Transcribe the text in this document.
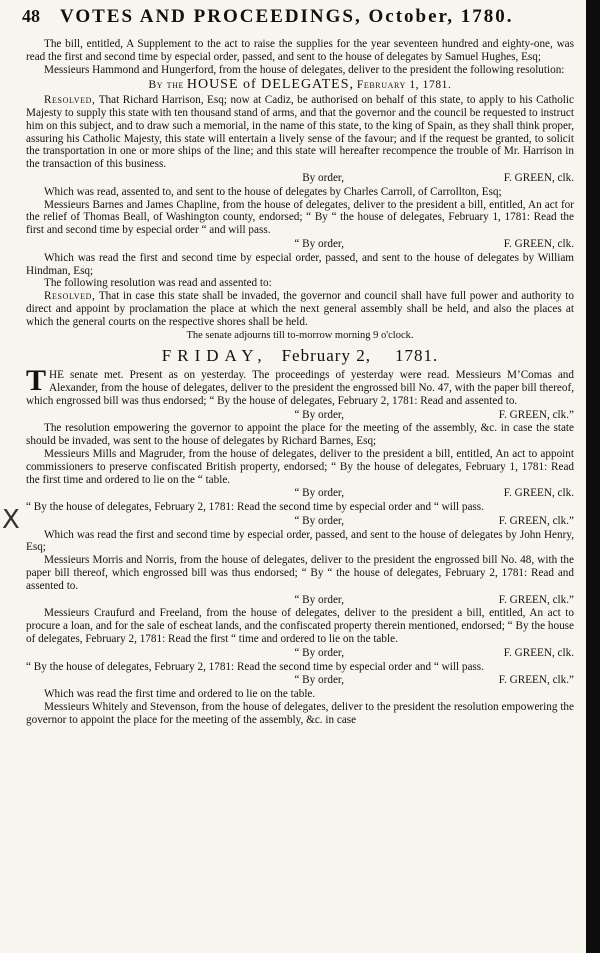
48 VOTES AND PROCEEDINGS, October, 1780.
X

The bill, entitled, A Supplement to the act to raise the supplies for the year seventeen hundred and eighty-one, was read the first and second time by especial order, passed, and sent to the house of delegates by Samuel Hughes, Esq;

Messieurs Hammond and Hungerford, from the house of delegates, deliver to the president the following resolution:

By the HOUSE of DELEGATES, February 1, 1781.

Resolved, That Richard Harrison, Esq; now at Cadiz, be authorised on behalf of this state, to apply to his Catholic Majesty to supply this state with ten thousand stand of arms, and that the governor and the council be requested to instruct him on this subject, and to draw such a memorial, in the name of this state, to the king of Spain, as they shall think proper, assuring his Catholic Majesty, this state will entertain a lively sense of the favour; and if the request be granted, to solicit the transportation in one or more ships of the line; and this state will hereafter recompence the trouble of Mr. Harrison in the transaction of this business.

By order,	F. GREEN, clk.

Which was read, assented to, and sent to the house of delegates by Charles Carroll, of Carrollton, Esq;

Messieurs Barnes and James Chapline, from the house of delegates, deliver to the president a bill, entitled, An act for the relief of Thomas Beall, of Washington county, endorsed; “ By “ the house of delegates, February 1, 1781: Read the first and second time by especial order “ and will pass.

“ By order,	F. GREEN, clk.

Which was read the first and second time by especial order, passed, and sent to the house of delegates by William Hindman, Esq;

The following resolution was read and assented to:

Resolved, That in case this state shall be invaded, the governor and council shall have full power and authority to direct and appoint by proclamation the place at which the next general assembly shall be held, and also the places at which the general courts on the respective shores shall be held.

The senate adjourns till to-morrow morning 9 o'clock.

FRIDAY, February 2, 1781.

THE senate met. Present as on yesterday. The proceedings of yesterday were read. Messieurs M’Comas and Alexander, from the house of delegates, deliver to the president the engrossed bill No. 47, with the paper bill thereof, which engrossed bill was thus endorsed; “ By the house of delegates, February 2, 1781: Read and assented to.

“ By order,	F. GREEN, clk.”

The resolution empowering the governor to appoint the place for the meeting of the assembly, &c. in case the state should be invaded, was sent to the house of delegates by Richard Barnes, Esq;

Messieurs Mills and Magruder, from the house of delegates, deliver to the president a bill, entitled, An act to appoint commissioners to preserve confiscated British property, endorsed; “ By the house of delegates, February 1, 1781: Read the first time and ordered to lie on the “ table.

“ By order,	F. GREEN, clk.

“ By the house of delegates, February 2, 1781: Read the second time by especial order and “ will pass.

“ By order,	F. GREEN, clk.”

Which was read the first and second time by especial order, passed, and sent to the house of delegates by John Henry, Esq;

Messieurs Morris and Norris, from the house of delegates, deliver to the president the engrossed bill No. 48, with the paper bill thereof, which engrossed bill was thus endorsed; “ By “ the house of delegates, February 2, 1781: Read and assented to.

“ By order,	F. GREEN, clk.”

Messieurs Craufurd and Freeland, from the house of delegates, deliver to the president a bill, entitled, An act to procure a loan, and for the sale of escheat lands, and the confiscated property therein mentioned, endorsed; “ By the house of delegates, February 2, 1781: Read the first “ time and ordered to lie on the table.

“ By order,	F. GREEN, clk.

“ By the house of delegates, February 2, 1781: Read the second time by especial order and “ will pass.

“ By order,	F. GREEN, clk.”

Which was read the first time and ordered to lie on the table.

Messieurs Whitely and Stevenson, from the house of delegates, deliver to the president the resolution empowering the governor to appoint the place for the meeting of the assembly, &c. in case
